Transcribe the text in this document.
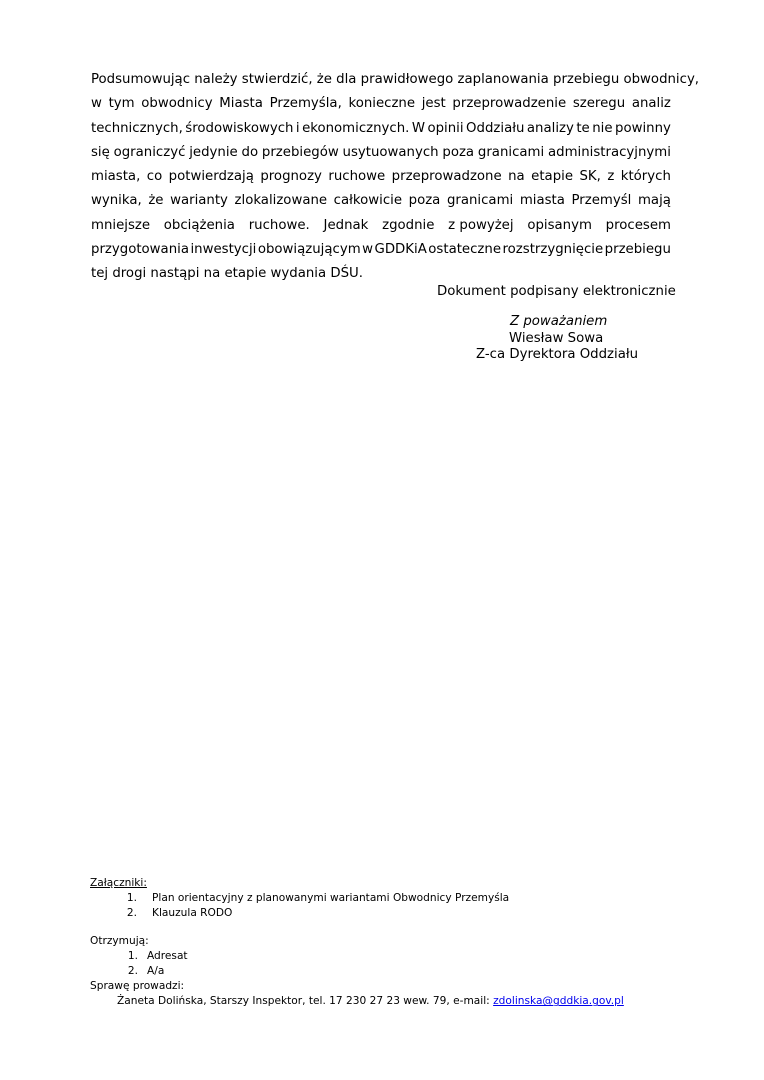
Podsumowując należy stwierdzić, że dla prawidłowego zaplanowania przebiegu obwodnicy,
w tym obwodnicy Miasta Przemyśla, konieczne jest przeprowadzenie szeregu analiz
technicznych, środowiskowych i ekonomicznych. W opinii Oddziału analizy te nie powinny
się ograniczyć jedynie do przebiegów usytuowanych poza granicami administracyjnymi
miasta, co potwierdzają prognozy ruchowe przeprowadzone na etapie SK, z których
wynika, że warianty zlokalizowane całkowicie poza granicami miasta Przemyśl mają
mniejsze obciążenia ruchowe. Jednak zgodnie z powyżej opisanym procesem
przygotowania inwestycji obowiązującym w GDDKiA ostateczne rozstrzygnięcie przebiegu
tej drogi nastąpi na etapie wydania DŚU.
Dokument podpisany elektronicznie
Z poważaniem
Wiesław Sowa
Z-ca Dyrektora Oddziału
Załączniki:
1.	Plan orientacyjny z planowanymi wariantami Obwodnicy Przemyśla
2.	Klauzula RODO
Otrzymują:
1. Adresat
2. A/a
Sprawę prowadzi:
Żaneta Dolińska, Starszy Inspektor, tel. 17 230 27 23 wew. 79, e-mail: zdolinska@gddkia.gov.pl
